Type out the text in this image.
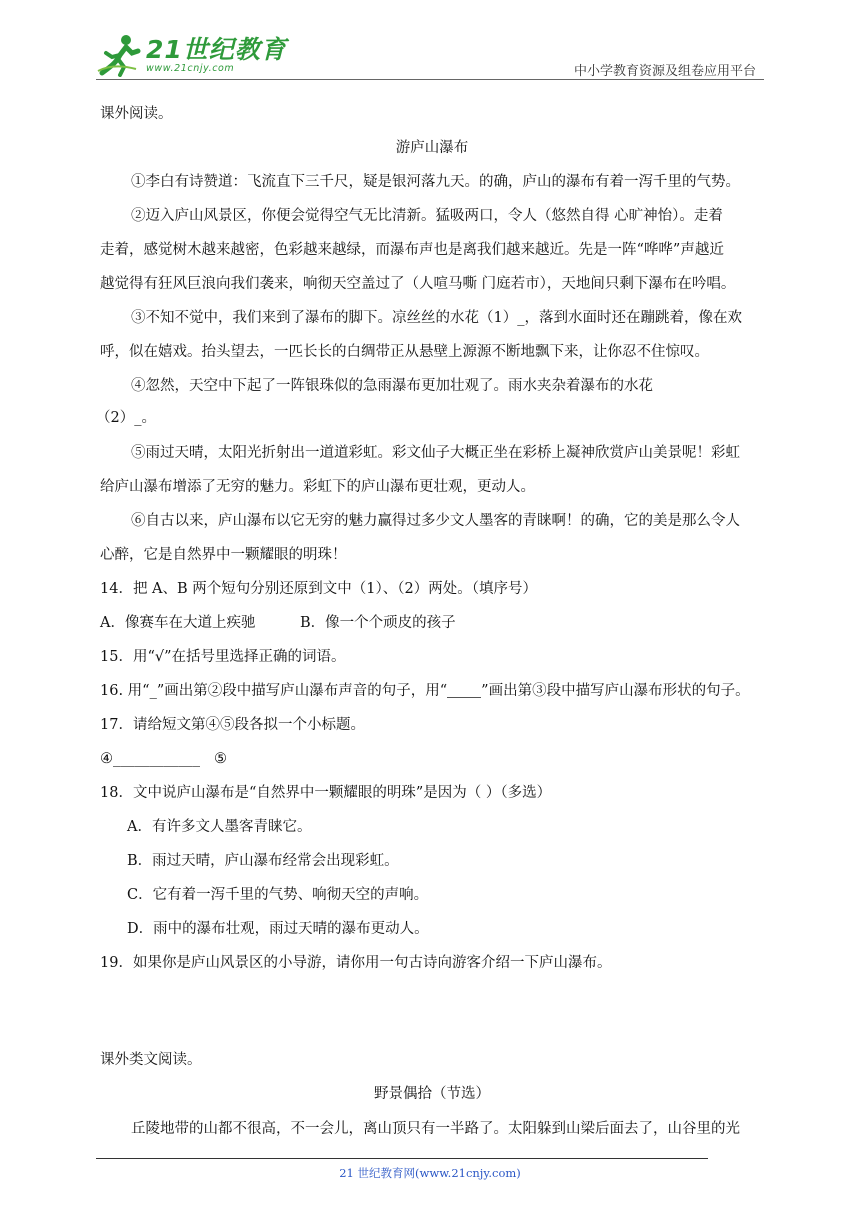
21世纪教育
www.21cnjy.com	中小学教育资源及组卷应用平台
课外阅读。
游庐山瀑布
①李白有诗赞道：飞流直下三千尺，疑是银河落九天。的确，庐山的瀑布有着一泻千里的气势。
②迈入庐山风景区，你便会觉得空气无比清新。猛吸两口，令人（悠然自得 心旷神怡）。走着
走着，感觉树木越来越密，色彩越来越绿，而瀑布声也是离我们越来越近。先是一阵“哗哗”声越近
越觉得有狂风巨浪向我们袭来，响彻天空盖过了（人喧马嘶 门庭若市），天地间只剩下瀑布在吟唱。
③不知不觉中，我们来到了瀑布的脚下。凉丝丝的水花（1）_，落到水面时还在蹦跳着，像在欢
呼，似在嬉戏。抬头望去，一匹长长的白绸带正从悬壁上源源不断地飘下来，让你忍不住惊叹。
④忽然，天空中下起了一阵银珠似的急雨瀑布更加壮观了。雨水夹杂着瀑布的水花
（2）_。
⑤雨过天晴，太阳光折射出一道道彩虹。彩文仙子大概正坐在彩桥上凝神欣赏庐山美景呢！彩虹
给庐山瀑布增添了无穷的魅力。彩虹下的庐山瀑布更壮观，更动人。
⑥自古以来，庐山瀑布以它无穷的魅力赢得过多少文人墨客的青睐啊！的确，它的美是那么令人
心醉，它是自然界中一颗耀眼的明珠！
14．把 A、B 两个短句分别还原到文中（1）、（2）两处。（填序号）
A．像赛车在大道上疾驰	B．像一个个顽皮的孩子
15．用“√”在括号里选择正确的词语。
16. 用“_”画出第②段中描写庐山瀑布声音的句子，用“ ”画出第③段中描写庐山瀑布形状的句子。
17．请给短文第④⑤段各拟一个小标题。
④____________ ⑤
18．文中说庐山瀑布是“自然界中一颗耀眼的明珠”是因为（ ）（多选）
A．有许多文人墨客青睐它。
B．雨过天晴，庐山瀑布经常会出现彩虹。
C．它有着一泻千里的气势、响彻天空的声响。
D．雨中的瀑布壮观，雨过天晴的瀑布更动人。
19．如果你是庐山风景区的小导游，请你用一句古诗向游客介绍一下庐山瀑布。
课外类文阅读。
野景偶拾（节选）
丘陵地带的山都不很高，不一会儿，离山顶只有一半路了。太阳躲到山梁后面去了，山谷里的光
21 世纪教育网(www.21cnjy.com)
